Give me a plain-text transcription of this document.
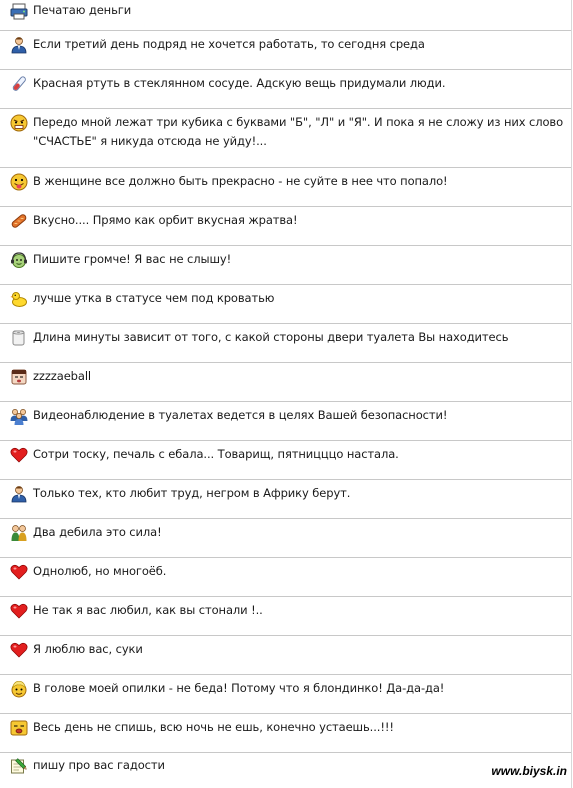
Печатаю деньги
Если третий день подряд не хочется работать, то сегодня среда
Красная ртуть в стеклянном сосуде. Адскую вещь придумали люди.
Передо мной лежат три кубика с буквами "Б", "Л" и "Я". И пока я не сложу из них слово
"СЧАСТЬЕ" я никуда отсюда не уйду!...
В женщине все должно быть прекрасно - не суйте в нее что попало!
Вкусно.... Прямо как орбит вкусная жратва!
Пишите громче! Я вас не слышу!
лучше утка в статусе чем под кроватью
Длина минуты зависит от того, с какой стороны двери туалета Вы находитесь
zzzzaeball
Видеонаблюдение в туалетах ведется в целях Вашей безопасности!
Сотри тоску, печаль с ебала... Товарищ, пятницццо настала.
Только тех, кто любит труд, негром в Африку берут.
Два дебила это сила!
Однолюб, но многоёб.
Не так я вас любил, как вы стонали !..
Я люблю вас, суки
В голове моей опилки - не беда! Потому что я блондинко! Да-да-да!
Весь день не спишь, всю ночь не ешь, конечно устаешь...!!!
пишу про вас гадости	www.biysk.in
